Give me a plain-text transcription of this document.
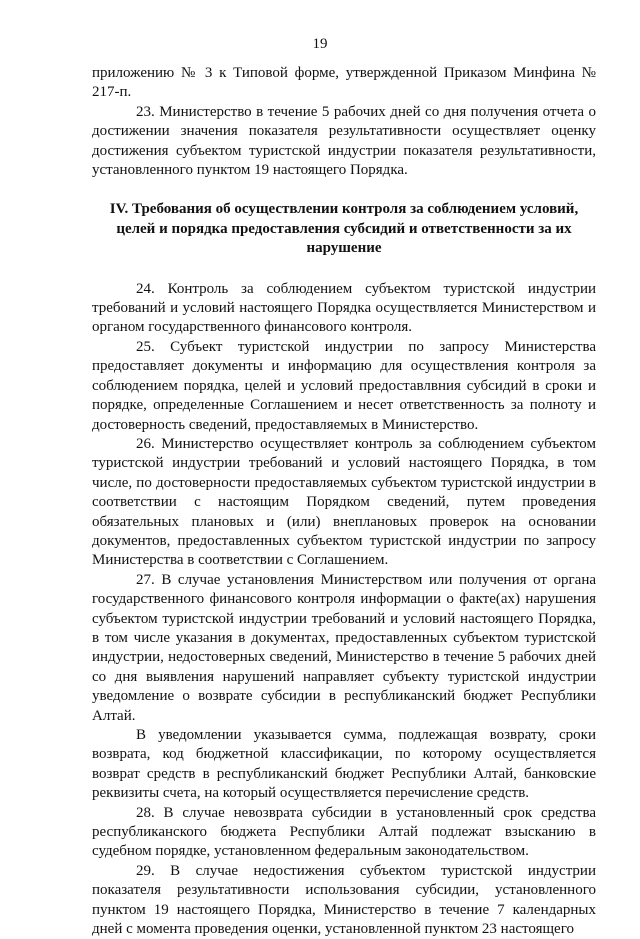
19

приложению № 3 к Типовой форме, утвержденной Приказом Минфина № 217-п.

23. Министерство в течение 5 рабочих дней со дня получения отчета о достижении значения показателя результативности осуществляет оценку достижения субъектом туристской индустрии показателя результативности, установленного пунктом 19 настоящего Порядка.

IV. Требования об осуществлении контроля за соблюдением условий, целей и порядка предоставления субсидий и ответственности за их нарушение

24. Контроль за соблюдением субъектом туристской индустрии требований и условий настоящего Порядка осуществляется Министерством и органом государственного финансового контроля.

25. Субъект туристской индустрии по запросу Министерства предоставляет документы и информацию для осуществления контроля за соблюдением порядка, целей и условий предоставлвния субсидий в сроки и порядке, определенные Соглашением и несет ответственность за полноту и достоверность сведений, предоставляемых в Министерство.

26. Министерство осуществляет контроль за соблюдением субъектом туристской индустрии требований и условий настоящего Порядка, в том числе, по достоверности предоставляемых субъектом туристской индустрии в соответствии с настоящим Порядком сведений, путем проведения обязательных плановых и (или) внеплановых проверок на основании документов, предоставленных субъектом туристской индустрии по запросу Министерства в соответствии с Соглашением.

27. В случае установления Министерством или получения от органа государственного финансового контроля информации о факте(ах) нарушения субъектом туристской индустрии требований и условий настоящего Порядка, в том числе указания в документах, предоставленных субъектом туристской индустрии, недостоверных сведений, Министерство в течение 5 рабочих дней со дня выявления нарушений направляет субъекту туристской индустрии уведомление о возврате субсидии в республиканский бюджет Республики Алтай.

В уведомлении указывается сумма, подлежащая возврату, сроки возврата, код бюджетной классификации, по которому осуществляется возврат средств в республиканский бюджет Республики Алтай, банковские реквизиты счета, на который осуществляется перечисление средств.

28. В случае невозврата субсидии в установленный срок средства республиканского бюджета Республики Алтай подлежат взысканию в судебном порядке, установленном федеральным законодательством.

29. В случае недостижения субъектом туристской индустрии показателя результативности использования субсидии, установленного пунктом 19 настоящего Порядка, Министерство в течение 7 календарных дней с момента проведения оценки, установленной пунктом 23 настоящего
